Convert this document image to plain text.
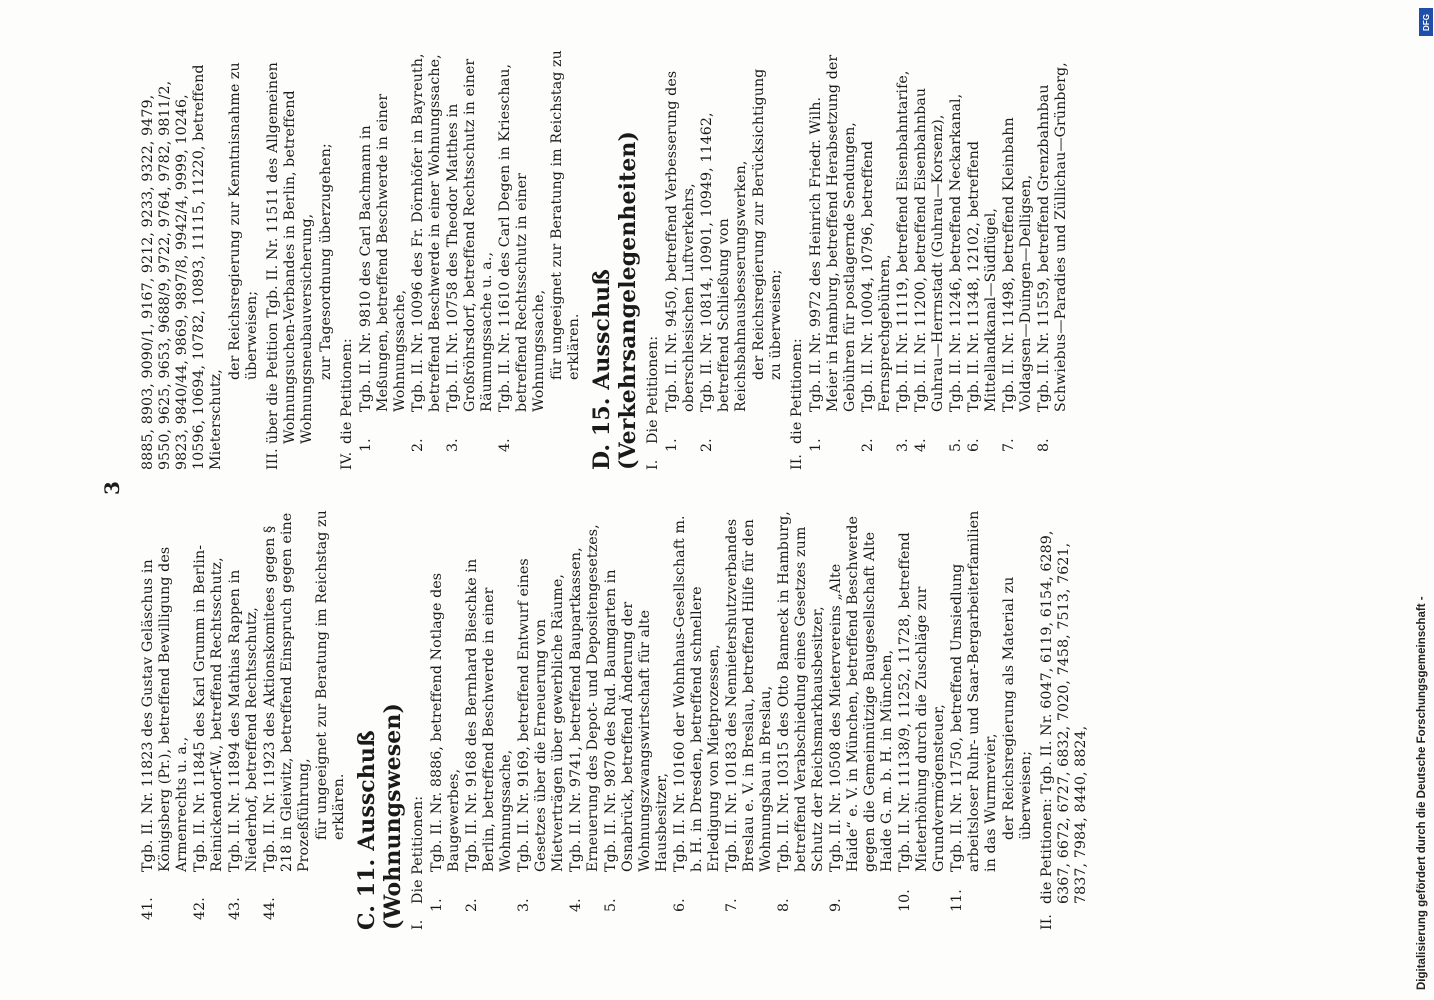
3
41.
Tgb. II. Nr. 11823 des Gustav Geläschus in Königsberg (Pr.), betreffend Bewilligung des Armenrechts u. a.,
42.
Tgb. II. Nr. 11845 des Karl Grumm in Berlin-Reinickendorf-W., betreffend Rechtsschutz,
43.
Tgb. II. Nr. 11894 des Mathias Rappen in Niederhof, betreffend Rechtsschutz,
44.
Tgb. II. Nr. 11923 des Aktionskomitees gegen § 218 in Gleiwitz, betreffend Einspruch gegen eine Prozeßführung, für ungeeignet zur Beratung im Reichstag zu erklären. C. 11. Ausschuß (Wohnungswesen) I.
Die Petitionen:
1.
Tgb. II. Nr. 8886, betreffend Notlage des Baugewerbes,
2.
Tgb. II. Nr. 9168 des Bernhard Bieschke in Berlin, betreffend Beschwerde in einer Wohnungssache,
3.
Tgb. II. Nr. 9169, betreffend Entwurf eines Gesetzes über die Erneuerung von Mietverträgen über gewerbliche Räume,
4.
Tgb. II. Nr. 9741, betreffend Baupartkassen, Erneuerung des Depot- und Depositengesetzes,
5.
Tgb. II. Nr. 9870 des Rud. Baumgarten in Osnabrück, betreffend Änderung der Wohnungszwangswirtschaft für alte Hausbesitzer,
6.
Tgb. II. Nr. 10160 der Wohnhaus-Gesellschaft m. b. H. in Dresden, betreffend schnellere Erledigung von Mietprozessen,
7.
Tgb. II. Nr. 10183 des Nennietershutzverbandes Breslau e. V. in Breslau, betreffend Hilfe für den Wohnungsbau in Breslau,
8.
Tgb. II. Nr. 10315 des Otto Banneck in Hamburg, betreffend Verabschiedung eines Gesetzes zum Schutz der Reichsmarkhausbesitzer,
9.
Tgb. II. Nr. 10508 des Mietervereins „Alte Haide“ e. V. in München, betreffend Beschwerde gegen die Gemeinnützige Baugesellschaft Alte Haide G. m. b. H. in München,
10.
Tgb. II. Nr. 11138/9, 11252, 11728, betreffend Mieterhöhung durch die Zuschläge zur Grundvermögensteuer,
11.
Tgb. II. Nr. 11750, betreffend Umsiedlung arbeitsloser Ruhr- und Saar-Bergarbeiterfamilien in das Wurmrevier, der Reichsregierung als Material zu überweisen;
II.
die Petitionen: Tgb. II. Nr. 6047, 6119, 6154, 6289, 6367, 6672, 6727, 6832, 7020, 7458, 7513, 7621, 7837, 7984, 8440, 8824,
8885, 8903, 9090/1, 9167, 9212, 9233, 9322, 9479, 9550, 9625, 9653, 9688/9, 9722, 9764, 9782, 9811/2, 9823, 9840/44, 9869, 9897/8, 9942/4, 9999, 10246, 10596, 10694, 10782, 10893, 11115, 11220, betreffend Mieterschutz,
der Reichsregierung zur Kenntnisnahme zu überweisen;
III.
über die Petition Tgb. II. Nr. 11511 des Allgemeinen Wohnungsuchen-Verbandes in Berlin, betreffend Wohnungsneubauversicherung, zur Tagesordnung überzugehen;
IV.
die Petitionen:
1.
Tgb. II. Nr. 9810 des Carl Bachmann in Meßungen, betreffend Beschwerde in einer Wohnungssache,
2.
Tgb. II. Nr. 10096 des Fr. Dörnhöfer in Bayreuth, betreffend Beschwerde in einer Wohnungssache,
3.
Tgb. II. Nr. 10758 des Theodor Matthes in Großröhrsdorf, betreffend Rechtsschutz in einer Räumungssache u. a.,
4.
Tgb. II. Nr. 11610 des Carl Degen in Krieschau, betreffend Rechtsschutz in einer Wohnungssache, für ungeeignet zur Beratung im Reichstag zu erklären. D. 15. Ausschuß (Verkehrsangelegenheiten) I.
Die Petitionen:
1.
Tgb. II. Nr. 9450, betreffend Verbesserung des oberschlesischen Luftverkehrs,
2.
Tgb. II. Nr. 10814, 10901, 10949, 11462, betreffend Schließung von Reichsbahnausbesserungswerken, der Reichsregierung zur Berücksichtigung zu überweisen;
II.
die Petitionen:
1.
Tgb. II. Nr. 9972 des Heinrich Friedr. Wilh. Meier in Hamburg, betreffend Herabsetzung der Gebühren für postlagernde Sendungen,
2.
Tgb. II. Nr. 10004, 10796, betreffend Fernsprechgebühren,
3.
Tgb. II. Nr. 11119, betreffend Eisenbahntarife,
4.
Tgb. II. Nr. 11200, betreffend Eisenbahnbau Guhrau—Herrnstadt (Guhrau—Korsenz),
5.
Tgb. II. Nr. 11246, betreffend Neckarkanal,
6.
Tgb. II. Nr. 11348, 12102, betreffend Mittellandkanal—Südflügel,
7.
Tgb. II. Nr. 11498, betreffend Kleinbahn Voldagsen—Duingen—Delligsen,
8.
Tgb. II. Nr. 11559, betreffend Grenzbahnbau Schwiebus—Paradies und Züllichau—Grünberg,
DFG
Digitalisierung gefördert durch die Deutsche Forschungsgemeinschaft -
